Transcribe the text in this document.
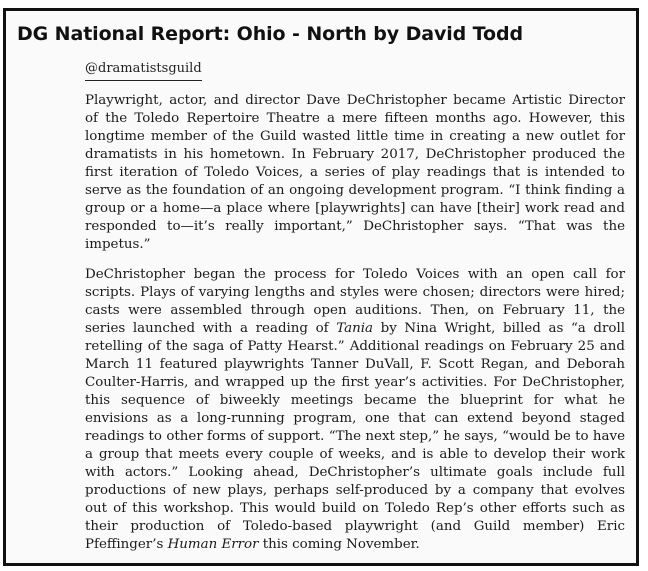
DG National Report: Ohio - North by David Todd
@dramatistsguild

Playwright, actor, and director Dave DeChristopher became Artistic Director of the Toledo Repertoire Theatre a mere fifteen months ago. However, this longtime member of the Guild wasted little time in creating a new outlet for dramatists in his hometown. In February 2017, DeChristopher produced the first iteration of Toledo Voices, a series of play readings that is intended to serve as the foundation of an ongoing development program. “I think finding a group or a home—a place where [playwrights] can have [their] work read and responded to—it’s really important,” DeChristopher says. “That was the impetus.”

DeChristopher began the process for Toledo Voices with an open call for scripts. Plays of varying lengths and styles were chosen; directors were hired; casts were assembled through open auditions. Then, on February 11, the series launched with a reading of Tania by Nina Wright, billed as “a droll retelling of the saga of Patty Hearst.” Additional readings on February 25 and March 11 featured playwrights Tanner DuVall, F. Scott Regan, and Deborah Coulter-Harris, and wrapped up the first year’s activities. For DeChristopher, this sequence of biweekly meetings became the blueprint for what he envisions as a long-running program, one that can extend beyond staged readings to other forms of support. “The next step,” he says, “would be to have a group that meets every couple of weeks, and is able to develop their work with actors.” Looking ahead, DeChristopher’s ultimate goals include full productions of new plays, perhaps self-produced by a company that evolves out of this workshop. This would build on Toledo Rep’s other efforts such as their production of Toledo-based playwright (and Guild member) Eric Pfeffinger’s Human Error this coming November.
